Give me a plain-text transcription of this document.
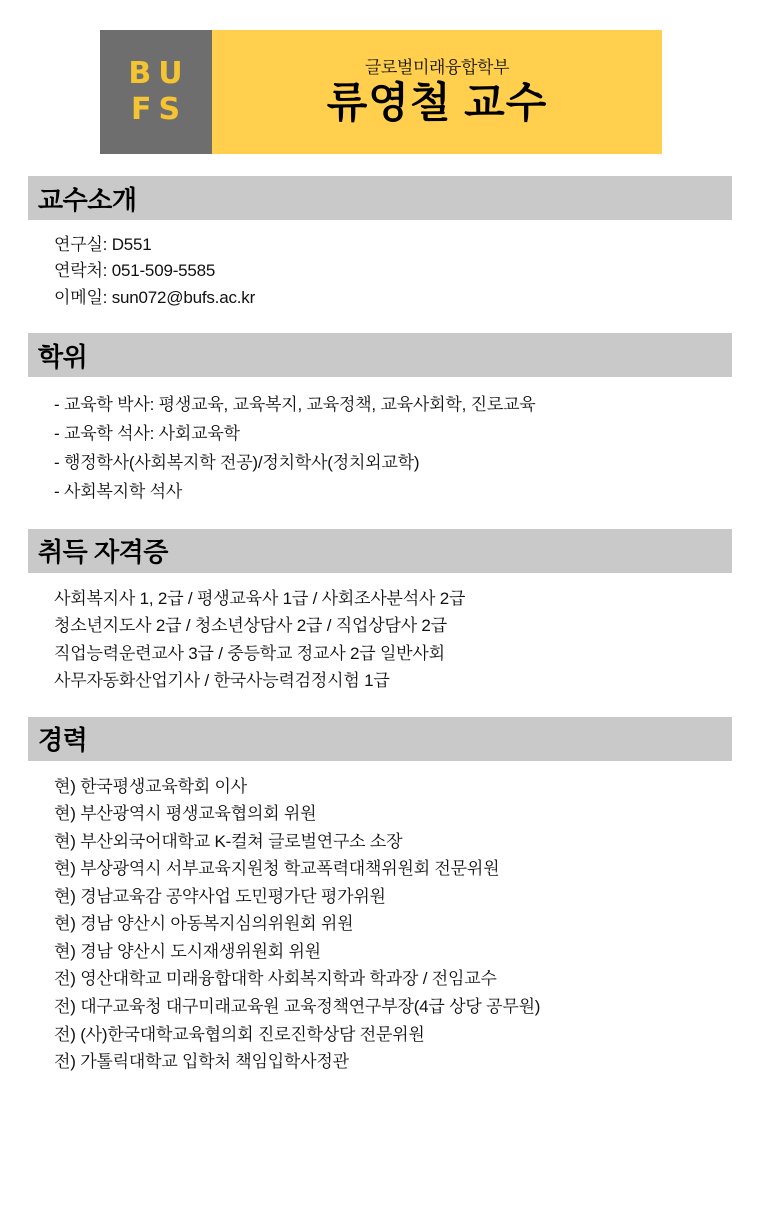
B U
F S
글로벌미래융합학부
류영철 교수
교수소개
연구실: D551
연락처: 051-509-5585
이메일: sun072@bufs.ac.kr
학위
- 교육학 박사: 평생교육, 교육복지, 교육정책, 교육사회학, 진로교육
- 교육학 석사: 사회교육학
- 행정학사(사회복지학 전공)/정치학사(정치외교학)
- 사회복지학 석사
취득 자격증
사회복지사 1, 2급 / 평생교육사 1급 / 사회조사분석사 2급
청소년지도사 2급 / 청소년상담사 2급 / 직업상담사 2급
직업능력운련교사 3급 / 중등학교 정교사 2급 일반사회
사무자동화산업기사 / 한국사능력검정시험 1급
경력
현) 한국평생교육학회 이사
현) 부산광역시 평생교육협의회 위원
현) 부산외국어대학교 K-컬쳐 글로벌연구소 소장
현) 부상광역시 서부교육지원청 학교폭력대책위원회 전문위원
현) 경남교육감 공약사업 도민평가단 평가위원
현) 경남 양산시 아동복지심의위원회 위원
현) 경남 양산시 도시재생위원회 위원
전) 영산대학교 미래융합대학 사회복지학과 학과장 / 전임교수
전) 대구교육청 대구미래교육원 교육정책연구부장(4급 상당 공무원)
전) (사)한국대학교육협의회 진로진학상담 전문위원
전) 가톨릭대학교 입학처 책임입학사정관
